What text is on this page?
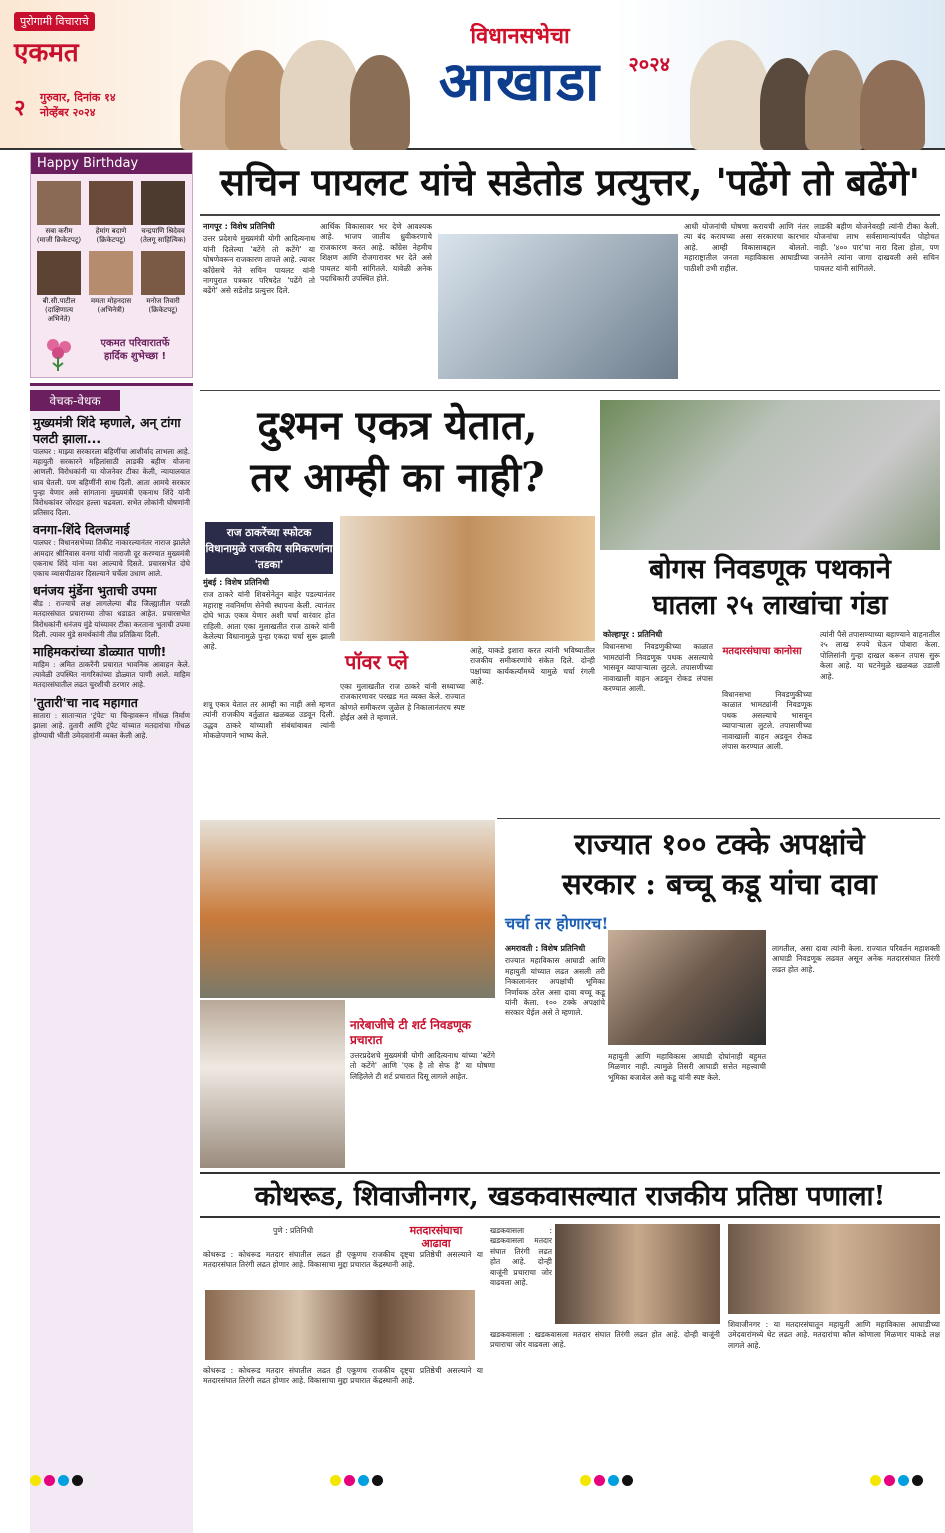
पुरोगामी विचाराचे
एकमत
२ गुरुवार, दिनांक १४
नोव्हेंबर २०२४
विधानसभेचा
आखाडा	२०२४
Happy Birthday
सबा करीम
(माजी क्रिकेटपटू)
हेमांग बदाणे
(क्रिकेटपटू)
चन्द्रपाणि श्रिदेवव
(तेलगू साहित्यिक)
बी.सी.पाटील
(दाक्षिणात्य अभिनेते)
ममता मोहनदास
(अभिनेत्री)
मनोज तिवारी
(क्रिकेटपटू)
एकमत परिवारातर्फे
हार्दिक शुभेच्छा !
वेचक-वेधक
मुख्यमंत्री शिंदे म्हणाले, अन् टांगा पलटी झाला...
पालघर : माझ्या सरकारला बहिणींचा आशीर्वाद लाभला आहे. महायुती सरकारने महिलांसाठी लाडकी बहीण योजना आणली. विरोधकांनी या योजनेवर टीका केली, न्यायालयात धाव घेतली. पण बहिणींनी साथ दिली. आता आमचे सरकार पुन्हा येणार असे सांगताना मुख्यमंत्री एकनाथ शिंदे यांनी विरोधकांवर जोरदार हल्ला चढवला. सभेत लोकांनी घोषणांनी प्रतिसाद दिला.
वनगा-शिंदे दिलजमाई
पालघर : विधानसभेच्या तिकीट नाकारल्यानंतर नाराज झालेले आमदार श्रीनिवास वनगा यांची नाराजी दूर करण्यात मुख्यमंत्री एकनाथ शिंदे यांना यश आल्याचे दिसते. प्रचारसभेत दोघे एकाच व्यासपीठावर दिसल्याने चर्चेला उधाण आले.
धनंजय मुंडेंना भुताची उपमा
बीड : राज्याचे लक्ष लागलेल्या बीड जिल्ह्यातील परळी मतदारसंघात प्रचाराच्या तोफा धडाडत आहेत. प्रचारसभेत विरोधकांनी धनंजय मुंडे यांच्यावर टीका करताना भुताची उपमा दिली. त्यावर मुंडे समर्थकांनी तीव्र प्रतिक्रिया दिली.
माहिमकरांच्या डोळ्यात पाणी!
माहिम : अमित ठाकरेंनी प्रचारात भावनिक आवाहन केले. त्यावेळी उपस्थित नागरिकांच्या डोळ्यात पाणी आले. माहिम मतदारसंघातील लढत चुरशीची ठरणार आहे.
'तुतारी'चा नाद महागात
सातारा : साताऱ्यात 'ट्रंपेट' या चिन्हावरून गोंधळ निर्माण झाला आहे. तुतारी आणि ट्रंपेट यांच्यात मतदारांचा गोंधळ होण्याची भीती उमेदवारांनी व्यक्त केली आहे.
सचिन पायलट यांचे सडेतोड प्रत्युत्तर, 'पढेंगे तो बढेंगे'
नागपूर : विशेष प्रतिनिधी
उत्तर प्रदेशचे मुख्यमंत्री योगी आदित्यनाथ यांनी दिलेल्या 'बटेंगे तो कटेंगे' या घोषणेवरून राजकारण तापले आहे. त्यावर काँग्रेसचे नेते सचिन पायलट यांनी नागपुरात पत्रकार परिषदेत 'पढेंगे तो बढेंगे' असे सडेतोड प्रत्युत्तर दिले.
आर्थिक विकासावर भर देणे आवश्यक आहे. भाजप जातीय ध्रुवीकरणाचे राजकारण करत आहे. काँग्रेस नेहमीच शिक्षण आणि रोजगारावर भर देते असे पायलट यांनी सांगितले. यावेळी अनेक पदाधिकारी उपस्थित होते.
आधी योजनांची घोषणा करायची आणि नंतर त्या बंद करायच्या असा सरकारचा कारभार आहे. आम्ही विकासाबद्दल बोलतो. महाराष्ट्रातील जनता महाविकास आघाडीच्या पाठीशी उभी राहील.
लाडकी बहीण योजनेवरही त्यांनी टीका केली. योजनांचा लाभ सर्वसामान्यांपर्यंत पोहोचत नाही. '४०० पार'चा नारा दिला होता, पण जनतेने त्यांना जागा दाखवली असे सचिन पायलट यांनी सांगितले.
दुश्मन एकत्र येतात,
तर आम्ही का नाही?
राज ठाकरेंच्या स्फोटक विधानामुळे राजकीय समिकरणांना 'तडका'
मुंबई : विशेष प्रतिनिधी
राज ठाकरे यांनी शिवसेनेतून बाहेर पडल्यानंतर महाराष्ट्र नवनिर्माण सेनेची स्थापना केली. त्यानंतर दोघे भाऊ एकत्र येणार अशी चर्चा वारंवार होत राहिली. आता एका मुलाखतीत राज ठाकरे यांनी केलेल्या विधानामुळे पुन्हा एकदा चर्चा सुरू झाली आहे.
शत्रू एकत्र येतात तर आम्ही का नाही असे म्हणत त्यांनी राजकीय वर्तुळात खळबळ उडवून दिली. उद्धव ठाकरे यांच्याशी संबंधांबाबत त्यांनी मोकळेपणाने भाष्य केले.
पॉवर प्ले
एका मुलाखतीत राज ठाकरे यांनी सध्याच्या राजकारणावर परखड मत व्यक्त केले. राज्यात कोणते समीकरण जुळेल हे निकालानंतरच स्पष्ट होईल असे ते म्हणाले.
आहे, याकडे इशारा करत त्यांनी भविष्यातील राजकीय समीकरणांचे संकेत दिले. दोन्ही पक्षांच्या कार्यकर्त्यांमध्ये यामुळे चर्चा रंगली आहे.
बोगस निवडणूक पथकाने
घातला २५ लाखांचा गंडा
कोल्हापूर : प्रतिनिधी
विधानसभा निवडणुकीच्या काळात भामट्यांनी निवडणूक पथक असल्याचे भासवून व्यापाऱ्याला लुटले. तपासणीच्या नावाखाली वाहन अडवून रोकड लंपास करण्यात आली.
मतदारसंघाचा कानोसा
विधानसभा निवडणुकीच्या काळात भामट्यांनी निवडणूक पथक असल्याचे भासवून व्यापाऱ्याला लुटले. तपासणीच्या नावाखाली वाहन अडवून रोकड लंपास करण्यात आली.
त्यांनी पैसे तपासण्याच्या बहाण्याने वाहनातील २५ लाख रुपये घेऊन पोबारा केला. पोलिसांनी गुन्हा दाखल करून तपास सुरू केला आहे. या घटनेमुळे खळबळ उडाली आहे.
नारेबाजीचे टी शर्ट निवडणूक प्रचारात
उत्तरप्रदेशचे मुख्यमंत्री योगी आदित्यनाथ यांच्या 'बटेंगे तो कटेंगे' आणि 'एक है तो सेफ है' या घोषणा लिहिलेले टी शर्ट प्रचारात दिसू लागले आहेत.
राज्यात १०० टक्के अपक्षांचे
सरकार : बच्चू कडू यांचा दावा
चर्चा तर होणारच!
अमरावती : विशेष प्रतिनिधी
राज्यात महाविकास आघाडी आणि महायुती यांच्यात लढत असली तरी निकालानंतर अपक्षांची भूमिका निर्णायक ठरेल असा दावा बच्चू कडू यांनी केला. १०० टक्के अपक्षांचे सरकार येईल असे ते म्हणाले.
महायुती आणि महाविकास आघाडी दोघांनाही बहुमत मिळणार नाही. त्यामुळे तिसरी आघाडी सत्तेत महत्त्वाची भूमिका बजावेल असे कडू यांनी स्पष्ट केले.
लागतील, असा दावा त्यांनी केला. राज्यात परिवर्तन महाशक्ती आघाडी निवडणूक लढवत असून अनेक मतदारसंघात तिरंगी लढत होत आहे.
कोथरूड, शिवाजीनगर, खडकवासल्यात राजकीय प्रतिष्ठा पणाला!
पुणे : प्रतिनिधी	मतदारसंघाचा आढावा
कोथरूड : कोथरूड मतदार संघातील लढत ही एकूणच राजकीय दृष्ट्या प्रतिष्ठेची असल्याने या मतदारसंघात तिरंगी लढत होणार आहे. विकासाचा मुद्दा प्रचारात केंद्रस्थानी आहे.
कोथरूड : कोथरूड मतदार संघातील लढत ही एकूणच राजकीय दृष्ट्या प्रतिष्ठेची असल्याने या मतदारसंघात तिरंगी लढत होणार आहे. विकासाचा मुद्दा प्रचारात केंद्रस्थानी आहे.
खडकवासला : खडकवासला मतदार संघात तिरंगी लढत होत आहे. दोन्ही बाजूंनी प्रचाराचा जोर वाढवला आहे.
खडकवासला : खडकवासला मतदार संघात तिरंगी लढत होत आहे. दोन्ही बाजूंनी प्रचाराचा जोर वाढवला आहे.
शिवाजीनगर : या मतदारसंघातून महायुती आणि महाविकास आघाडीच्या उमेदवारांमध्ये थेट लढत आहे. मतदारांचा कौल कोणाला मिळणार याकडे लक्ष लागले आहे.
